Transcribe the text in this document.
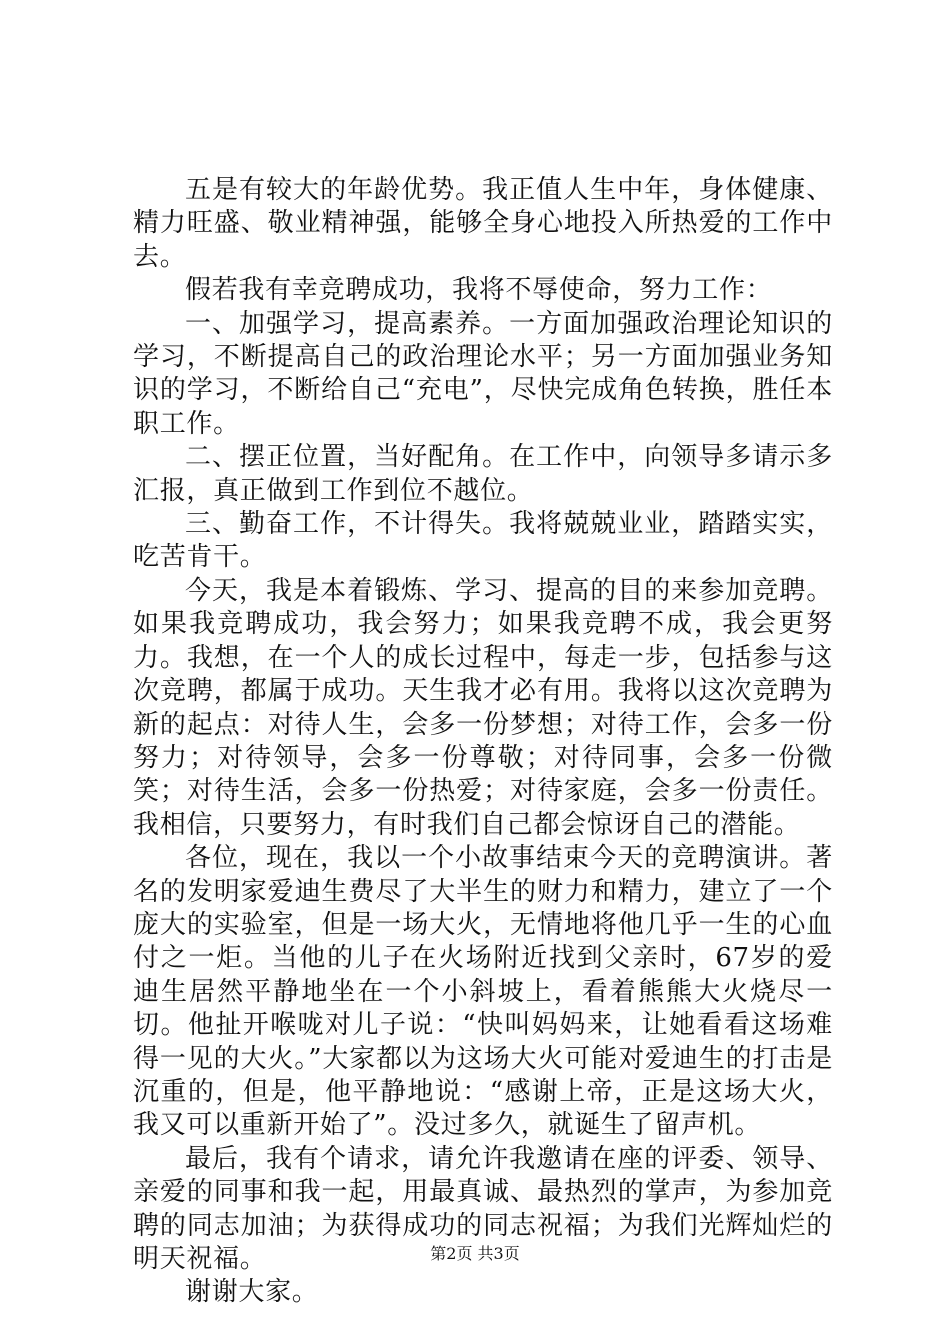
五是有较大的年龄优势。我正值人生中年，身体健康、精力旺盛、敬业精神强，能够全身心地投入所热爱的工作中去。

假若我有幸竞聘成功，我将不辱使命，努力工作：

一、加强学习，提高素养。一方面加强政治理论知识的学习，不断提高自己的政治理论水平；另一方面加强业务知识的学习，不断给自己“充电”，尽快完成角色转换，胜任本职工作。

二、摆正位置，当好配角。在工作中，向领导多请示多汇报，真正做到工作到位不越位。

三、勤奋工作，不计得失。我将兢兢业业，踏踏实实，吃苦肯干。

今天，我是本着锻炼、学习、提高的目的来参加竞聘。如果我竞聘成功，我会努力；如果我竞聘不成，我会更努力。我想，在一个人的成长过程中，每走一步，包括参与这次竞聘，都属于成功。天生我才必有用。我将以这次竞聘为新的起点：对待人生，会多一份梦想；对待工作，会多一份努力；对待领导，会多一份尊敬；对待同事，会多一份微笑；对待生活，会多一份热爱；对待家庭，会多一份责任。我相信，只要努力，有时我们自己都会惊讶自己的潜能。

各位，现在，我以一个小故事结束今天的竞聘演讲。著名的发明家爱迪生费尽了大半生的财力和精力，建立了一个庞大的实验室，但是一场大火，无情地将他几乎一生的心血付之一炬。当他的儿子在火场附近找到父亲时，67岁的爱迪生居然平静地坐在一个小斜坡上，看着熊熊大火烧尽一切。他扯开喉咙对儿子说：“快叫妈妈来，让她看看这场难得一见的大火。”大家都以为这场大火可能对爱迪生的打击是沉重的，但是，他平静地说：“感谢上帝，正是这场大火，我又可以重新开始了”。没过多久，就诞生了留声机。

最后，我有个请求，请允许我邀请在座的评委、领导、亲爱的同事和我一起，用最真诚、最热烈的掌声，为参加竞聘的同志加油；为获得成功的同志祝福；为我们光辉灿烂的明天祝福。

谢谢大家。

第2页 共3页
